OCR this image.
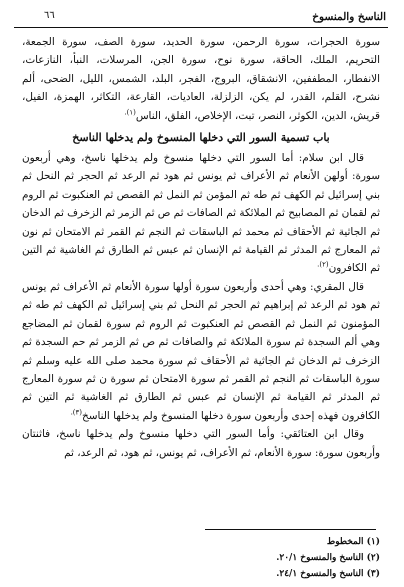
الناسخ والمنسوخ
٦٦

سورة الحجرات، سورة الرحمن، سورة الحديد، سورة الصف، سورة الجمعة، التحريم، الملك، الحاقة، سورة نوح، سورة الجن، المرسلات، النبأ، النازعات، الانفطار، المطففين، الانشقاق، البروج، الفجر، البلد، الشمس، الليل، الضحى، ألم نشرح، القلم، القدر، لم يكن، الزلزلة، العاديات، القارعة، التكاثر، الهمزة، الفيل، قريش، الدين، الكوثر، النصر، تبت، الإخلاص، الفلق، الناس$^{(١).}$

باب تسمية السور التي دخلها المنسوخ ولم يدخلها الناسخ

قال ابن سلام: أما السور التي دخلها منسوخ ولم يدخلها ناسخ، وهي أربعون سورة: أولهن الأنعام ثم الأعراف ثم يونس ثم هود ثم الرعد ثم الحجر ثم النحل ثم بني إسرائيل ثم الكهف ثم طه ثم المؤمن ثم النمل ثم القصص ثم العنكبوت ثم الروم ثم لقمان ثم المصابيح ثم الملائكة ثم الصافات ثم ص ثم الزمر ثم الزخرف ثم الدخان ثم الجاثية ثم الأحقاف ثم محمد ثم الباسقات ثم النجم ثم القمر ثم الامتحان ثم نون ثم المعارج ثم المدثر ثم القيامة ثم الإنسان ثم عبس ثم الطارق ثم الغاشية ثم التين ثم الكافرون$^{(٢).}$

قال المقري: وهي أحدى وأربعون سورة أولها سورة الأنعام ثم الأعراف ثم يونس ثم هود ثم الرعد ثم إبراهيم ثم الحجر ثم النحل ثم بني إسرائيل ثم الكهف ثم طه ثم المؤمنون ثم النمل ثم القصص ثم العنكبوت ثم الروم ثم سورة لقمان ثم المضاجع وهي ألم السجدة ثم سورة الملائكة ثم والصافات ثم ص ثم الزمر ثم حم السجدة ثم الزخرف ثم الدخان ثم الجاثية ثم الأحقاف ثم سورة محمد صلى الله عليه وسلم ثم سورة الباسقات ثم النجم ثم القمر ثم سورة الامتحان ثم سورة ن ثم سورة المعارج ثم المدثر ثم القيامة ثم الإنسان ثم عبس ثم الطارق ثم الغاشية ثم التين ثم الكافرون فهذه إحدى وأربعون سورة دخلها المنسوخ ولم يدخلها الناسخ$^{(٣).}$

وقال ابن العتائقي: وأما السور التي دخلها منسوخ ولم يدخلها ناسخ، فاثنتان وأربعون سورة: سورة الأنعام، ثم الأعراف، ثم يونس، ثم هود، ثم الرعد، ثم

(١) المخطوط
(٢) الناسخ والمنسوخ ٢٠/١.
(٣) الناسخ والمنسوخ ٢٤/١.
